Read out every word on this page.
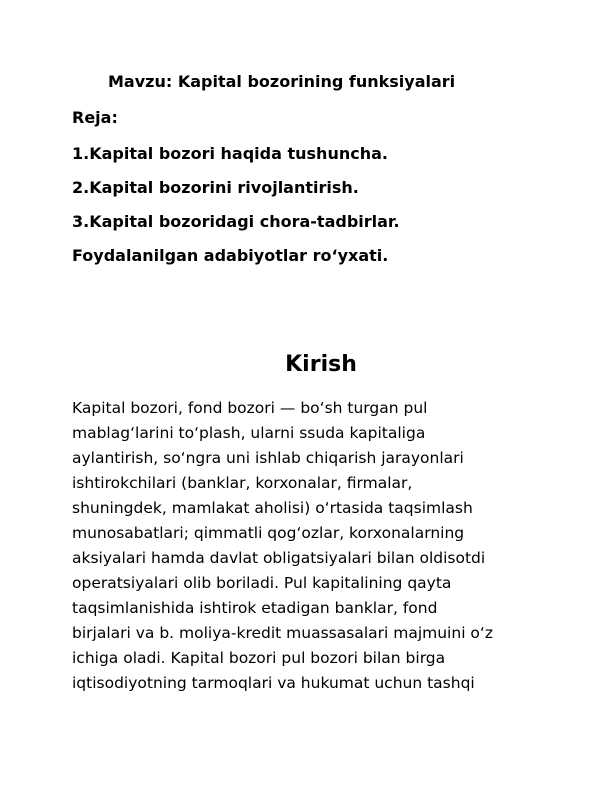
Mavzu: Kapital bozorining funksiyalari
Reja:
1.Kapital bozori haqida tushuncha.
2.Kapital bozorini rivojlantirish.
3.Kapital bozoridagi chora-tadbirlar.
Foydalanilgan adabiyotlar ro‘yxati.
Kirish

Kapital bozori, fond bozori — bo‘sh turgan pul
mablag‘larini to‘plash, ularni ssuda kapitaliga
aylantirish, so‘ngra uni ishlab chiqarish jarayonlari
ishtirokchilari (banklar, korxonalar, firmalar,
shuningdek, mamlakat aholisi) o‘rtasida taqsimlash
munosabatlari; qimmatli qog‘ozlar, korxonalarning
aksiyalari hamda davlat obligatsiyalari bilan oldisotdi
operatsiyalari olib boriladi. Pul kapitalining qayta
taqsimlanishida ishtirok etadigan banklar, fond
birjalari va b. moliya-kredit muassasalari majmuini o‘z
ichiga oladi. Kapital bozori pul bozori bilan birga
iqtisodiyotning tarmoqlari va hukumat uchun tashqi
